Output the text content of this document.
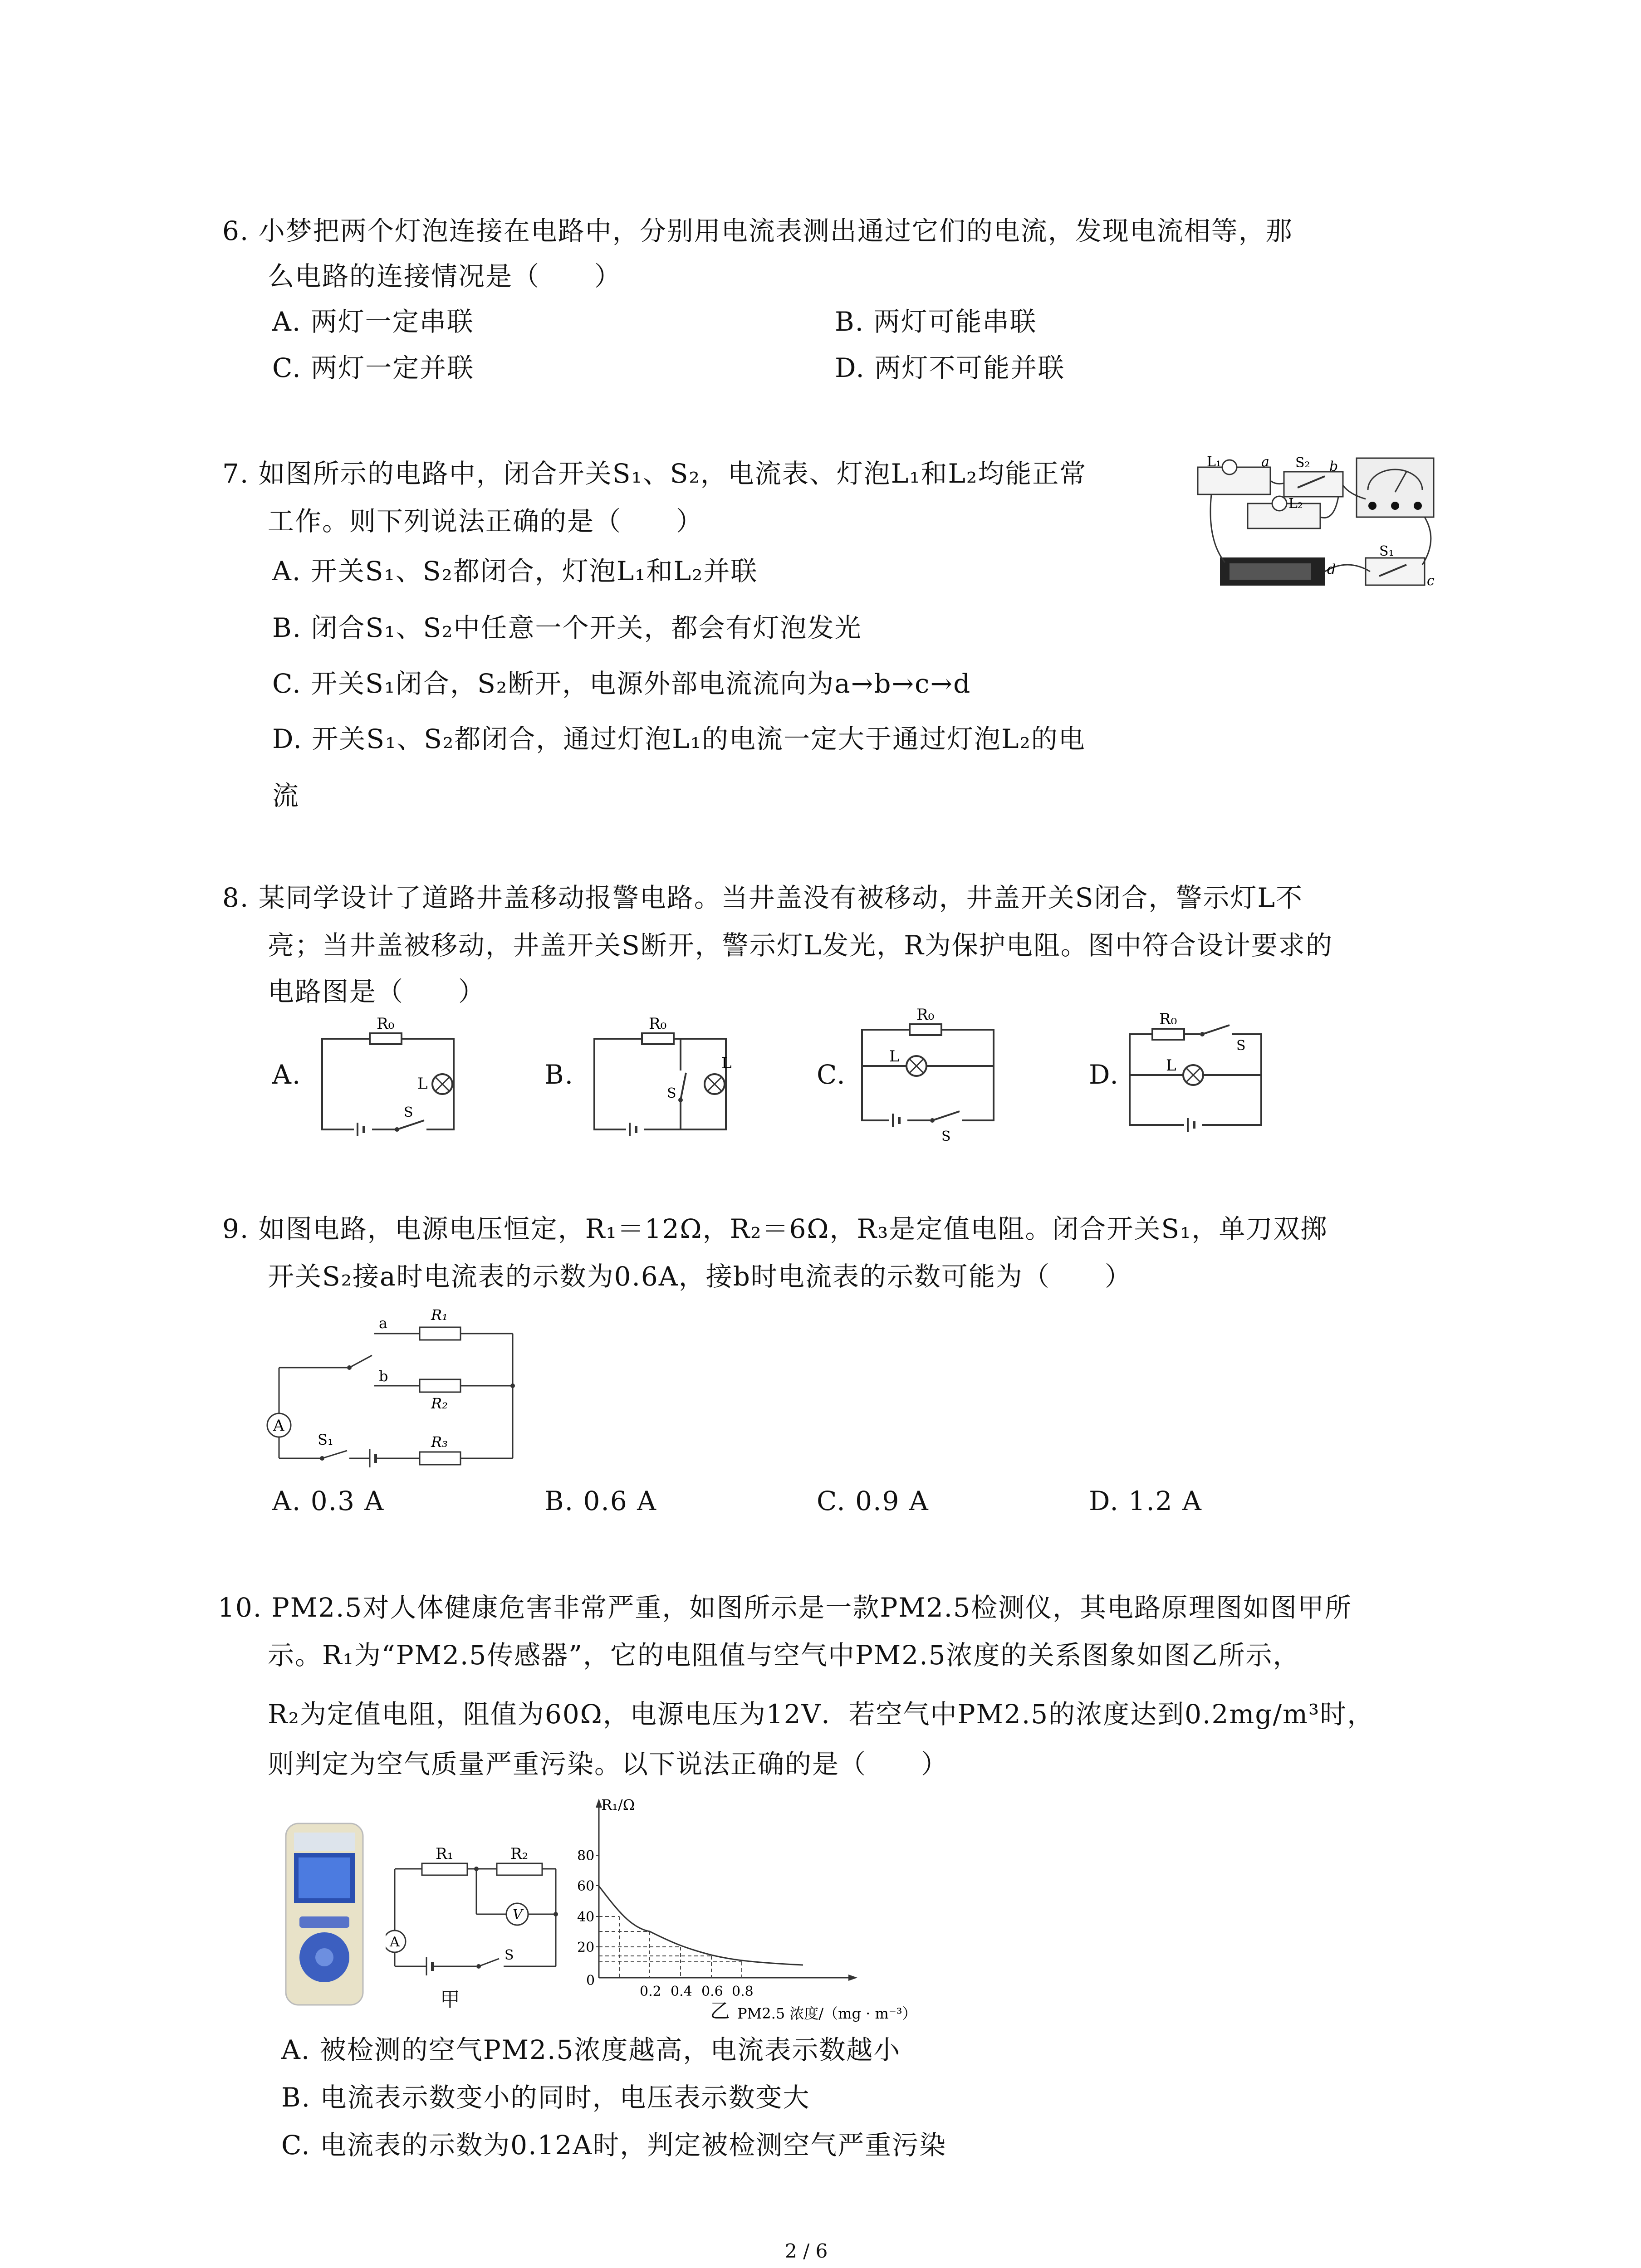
6. 小梦把两个灯泡连接在电路中，分别用电流表测出通过它们的电流，发现电流相等，那
么电路的连接情况是（　　）
A. 两灯一定串联	B. 两灯可能串联
C. 两灯一定并联	D. 两灯不可能并联
7. 如图所示的电路中，闭合开关S₁、S₂，电流表、灯泡L₁和L₂均能正常
工作。则下列说法正确的是（　　）
A. 开关S₁、S₂都闭合，灯泡L₁和L₂并联
B. 闭合S₁、S₂中任意一个开关，都会有灯泡发光
C. 开关S₁闭合，S₂断开，电源外部电流流向为a→b→c→d
D. 开关S₁、S₂都闭合，通过灯泡L₁的电流一定大于通过灯泡L₂的电
流
L₁	a S₂ b
L₂
d
S₁
c
8. 某同学设计了道路井盖移动报警电路。当井盖没有被移动，井盖开关S闭合，警示灯L不
亮；当井盖被移动，井盖开关S断开，警示灯L发光，R为保护电阻。图中符合设计要求的
电路图是（　　）
A.	B.	C.	D.
R₀
L
S
R₀
S
L
R₀
L
S
R₀
L
S
9. 如图电路，电源电压恒定，R₁＝12Ω，R₂＝6Ω，R₃是定值电阻。闭合开关S₁，单刀双掷
开关S₂接a时电流表的示数为0.6A，接b时电流表的示数可能为（　　）
A
a
b
R₁
R₂
R₃
S₁
A. 0.3 A	B. 0.6 A	C. 0.9 A	D. 1.2 A
10. PM2.5对人体健康危害非常严重，如图所示是一款PM2.5检测仪，其电路原理图如图甲所
示。R₁为“PM2.5传感器”，它的电阻值与空气中PM2.5浓度的关系图象如图乙所示，
R₂为定值电阻，阻值为60Ω，电源电压为12V．若空气中PM2.5的浓度达到0.2mg/m³时，
则判定为空气质量严重污染。以下说法正确的是（　　）
R₁	R₂
V
A
S
甲
R₁/Ω
0
20
40
60
80
0.2 0.4 0.6 0.8
PM2.5 浓度/（mg · m⁻³）
乙
A. 被检测的空气PM2.5浓度越高，电流表示数越小
B. 电流表示数变小的同时，电压表示数变大
C. 电流表的示数为0.12A时，判定被检测空气严重污染
2 / 6
